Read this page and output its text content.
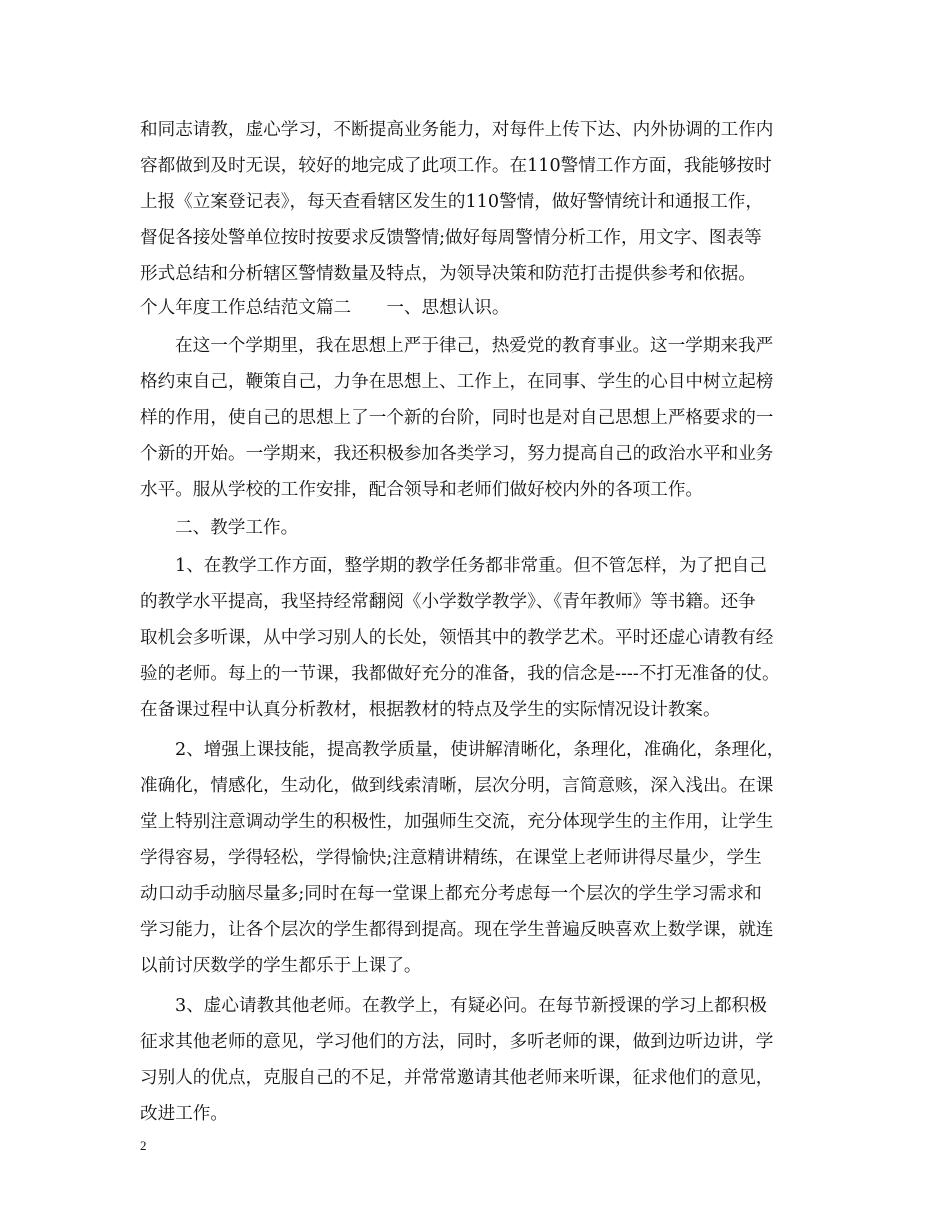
和同志请教，虚心学习，不断提高业务能力，对每件上传下达、内外协调的工作内
容都做到及时无误，较好的地完成了此项工作。在110警情工作方面，我能够按时
上报《立案登记表》，每天查看辖区发生的110警情，做好警情统计和通报工作，
督促各接处警单位按时按要求反馈警情;做好每周警情分析工作，用文字、图表等
形式总结和分析辖区警情数量及特点，为领导决策和防范打击提供参考和依据。
个人年度工作总结范文篇二　　一、思想认识。
在这一个学期里，我在思想上严于律己，热爱党的教育事业。这一学期来我严
格约束自己，鞭策自己，力争在思想上、工作上，在同事、学生的心目中树立起榜
样的作用，使自己的思想上了一个新的台阶，同时也是对自己思想上严格要求的一
个新的开始。一学期来，我还积极参加各类学习，努力提高自己的政治水平和业务
水平。服从学校的工作安排，配合领导和老师们做好校内外的各项工作。
二、教学工作。
1、在教学工作方面，整学期的教学任务都非常重。但不管怎样，为了把自己
的教学水平提高，我坚持经常翻阅《小学数学教学》、《青年教师》等书籍。还争
取机会多听课，从中学习别人的长处，领悟其中的教学艺术。平时还虚心请教有经
验的老师。每上的一节课，我都做好充分的准备，我的信念是----不打无准备的仗。
在备课过程中认真分析教材，根据教材的特点及学生的实际情况设计教案。
2、增强上课技能，提高教学质量，使讲解清晰化，条理化，准确化，条理化，
准确化，情感化，生动化，做到线索清晰，层次分明，言简意赅，深入浅出。在课
堂上特别注意调动学生的积极性，加强师生交流，充分体现学生的主作用，让学生
学得容易，学得轻松，学得愉快;注意精讲精练，在课堂上老师讲得尽量少，学生
动口动手动脑尽量多;同时在每一堂课上都充分考虑每一个层次的学生学习需求和
学习能力，让各个层次的学生都得到提高。现在学生普遍反映喜欢上数学课，就连
以前讨厌数学的学生都乐于上课了。
3、虚心请教其他老师。在教学上，有疑必问。在每节新授课的学习上都积极
征求其他老师的意见，学习他们的方法，同时，多听老师的课，做到边听边讲，学
习别人的优点，克服自己的不足，并常常邀请其他老师来听课，征求他们的意见，
改进工作。
2
